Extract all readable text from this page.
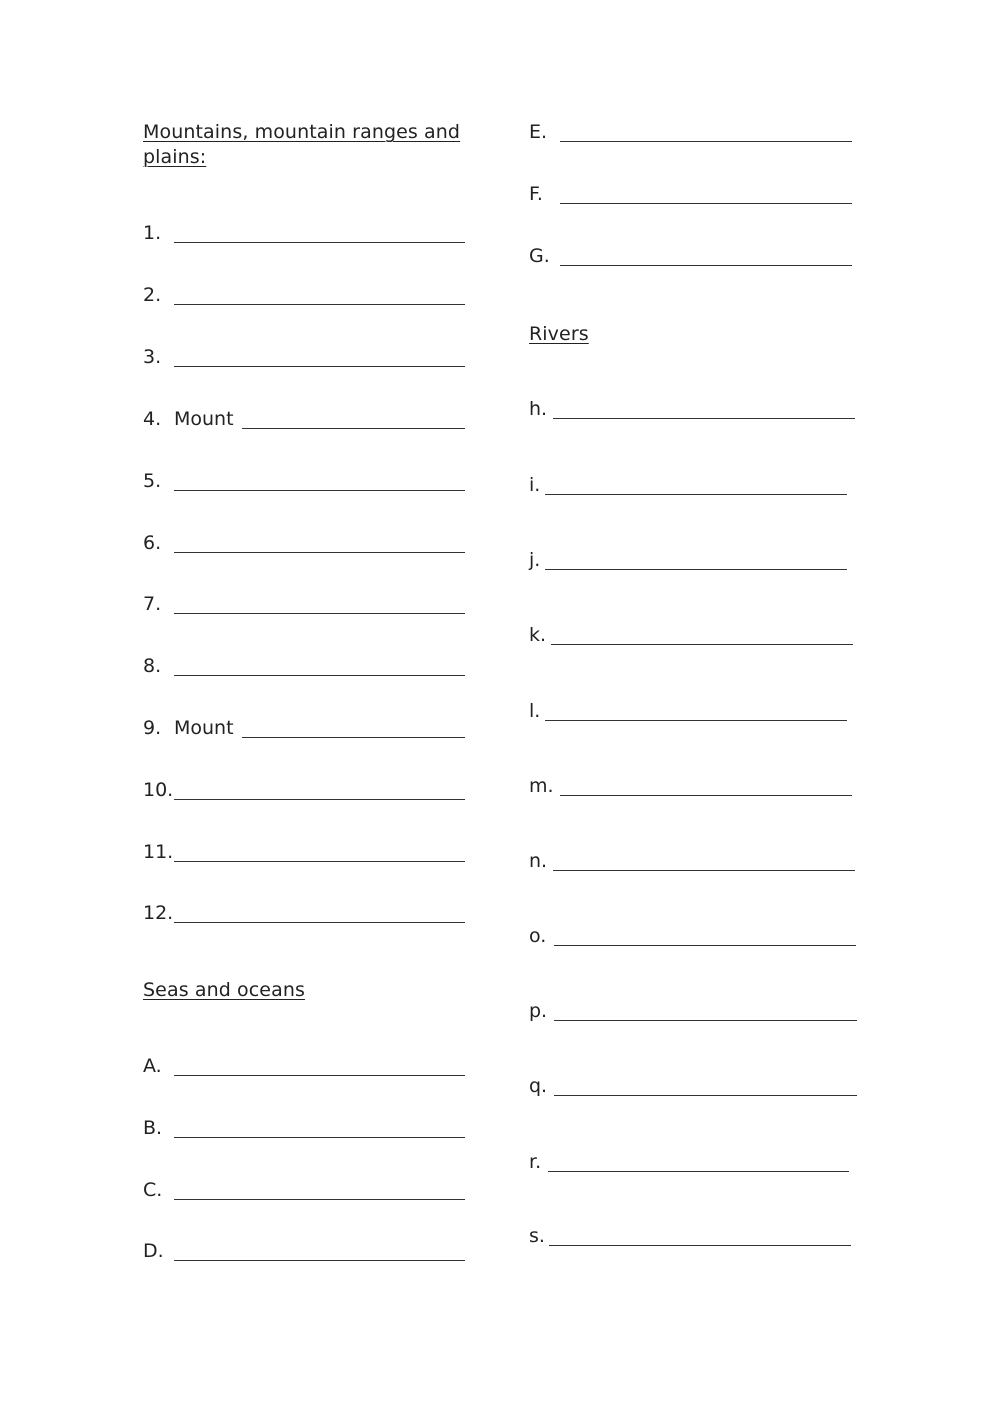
Mountains, mountain ranges and
plains:
Seas and oceans
Rivers
1.
2.
3.
4. Mount
5.
6.
7.
8.
9. Mount
10.
11.
12.
A.
B.
C.
D.
E.
F.
G.
h.
i.
j.
k.
l.
m.
n.
o.
p.
q.
r.
s.
